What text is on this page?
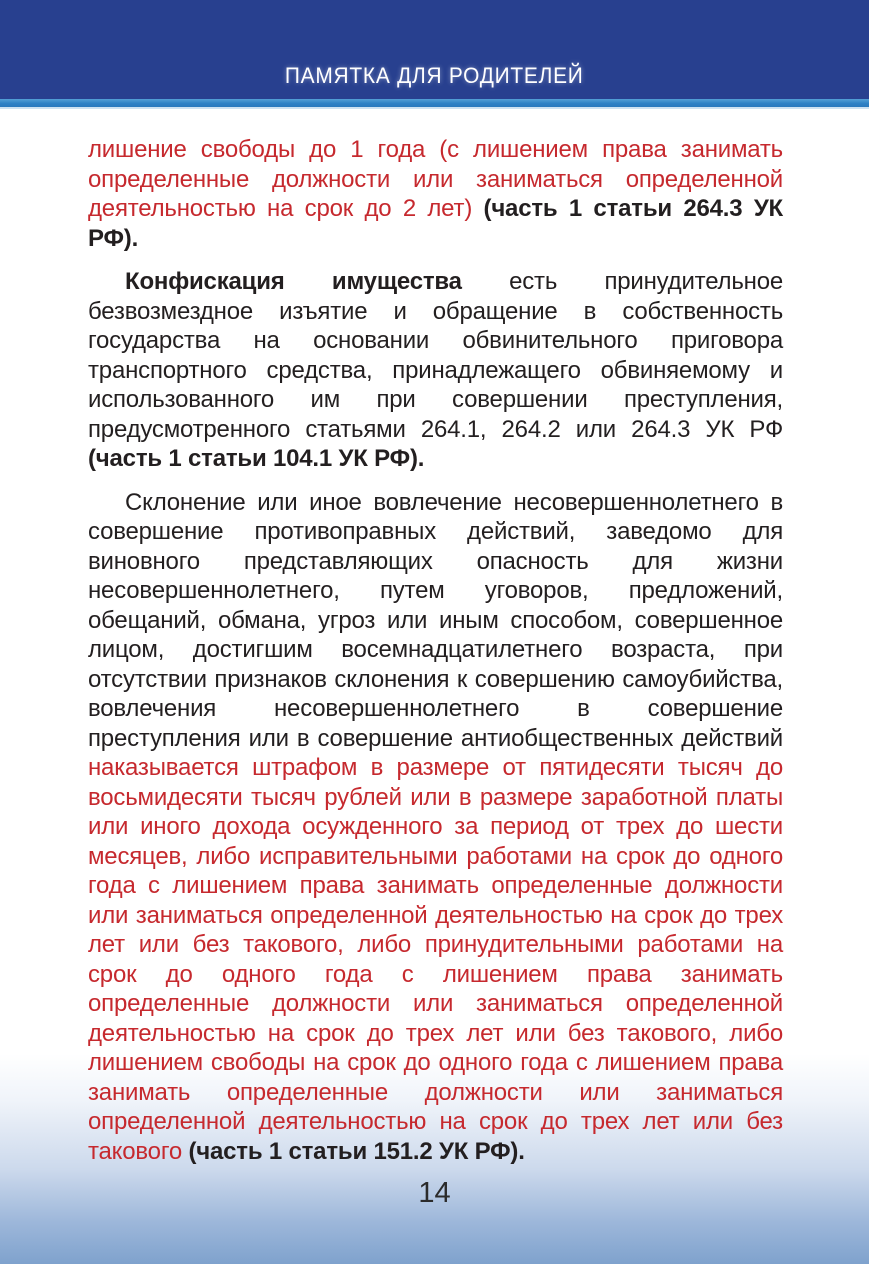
ПАМЯТКА ДЛЯ РОДИТЕЛЕЙ

лишение свободы до 1 года (с лишением права занимать определенные должности или заниматься определенной деятельностью на срок до 2 лет) (часть 1 статьи 264.3 УК РФ).

Конфискация имущества есть принудительное безвозмездное изъятие и обращение в собственность государства на основании обвинительного приговора транспортного средства, принадлежащего обвиняемому и использованного им при совершении преступления, предусмотренного статьями 264.1, 264.2 или 264.3 УК РФ (часть 1 статьи 104.1 УК РФ).

Склонение или иное вовлечение несовершеннолетнего в совершение противоправных действий, заведомо для виновного представляющих опасность для жизни несовершеннолетнего, путем уговоров, предложений, обещаний, обмана, угроз или иным способом, совершенное лицом, достигшим восемнадцатилетнего возраста, при отсутствии признаков склонения к совершению самоубийства, вовлечения несовершеннолетнего в совершение преступления или в совершение антиобщественных действий наказывается штрафом в размере от пятидесяти тысяч до восьмидесяти тысяч рублей или в размере заработной платы или иного дохода осужденного за период от трех до шести месяцев, либо исправительными работами на срок до одного года с лишением права занимать определенные должности или заниматься определенной деятельностью на срок до трех лет или без такового, либо принудительными работами на срок до одного года с лишением права занимать определенные должности или заниматься определенной деятельностью на срок до трех лет или без такового, либо лишением свободы на срок до одного года с лишением права занимать определенные должности или заниматься определенной деятельностью на срок до трех лет или без такового (часть 1 статьи 151.2 УК РФ).

14
